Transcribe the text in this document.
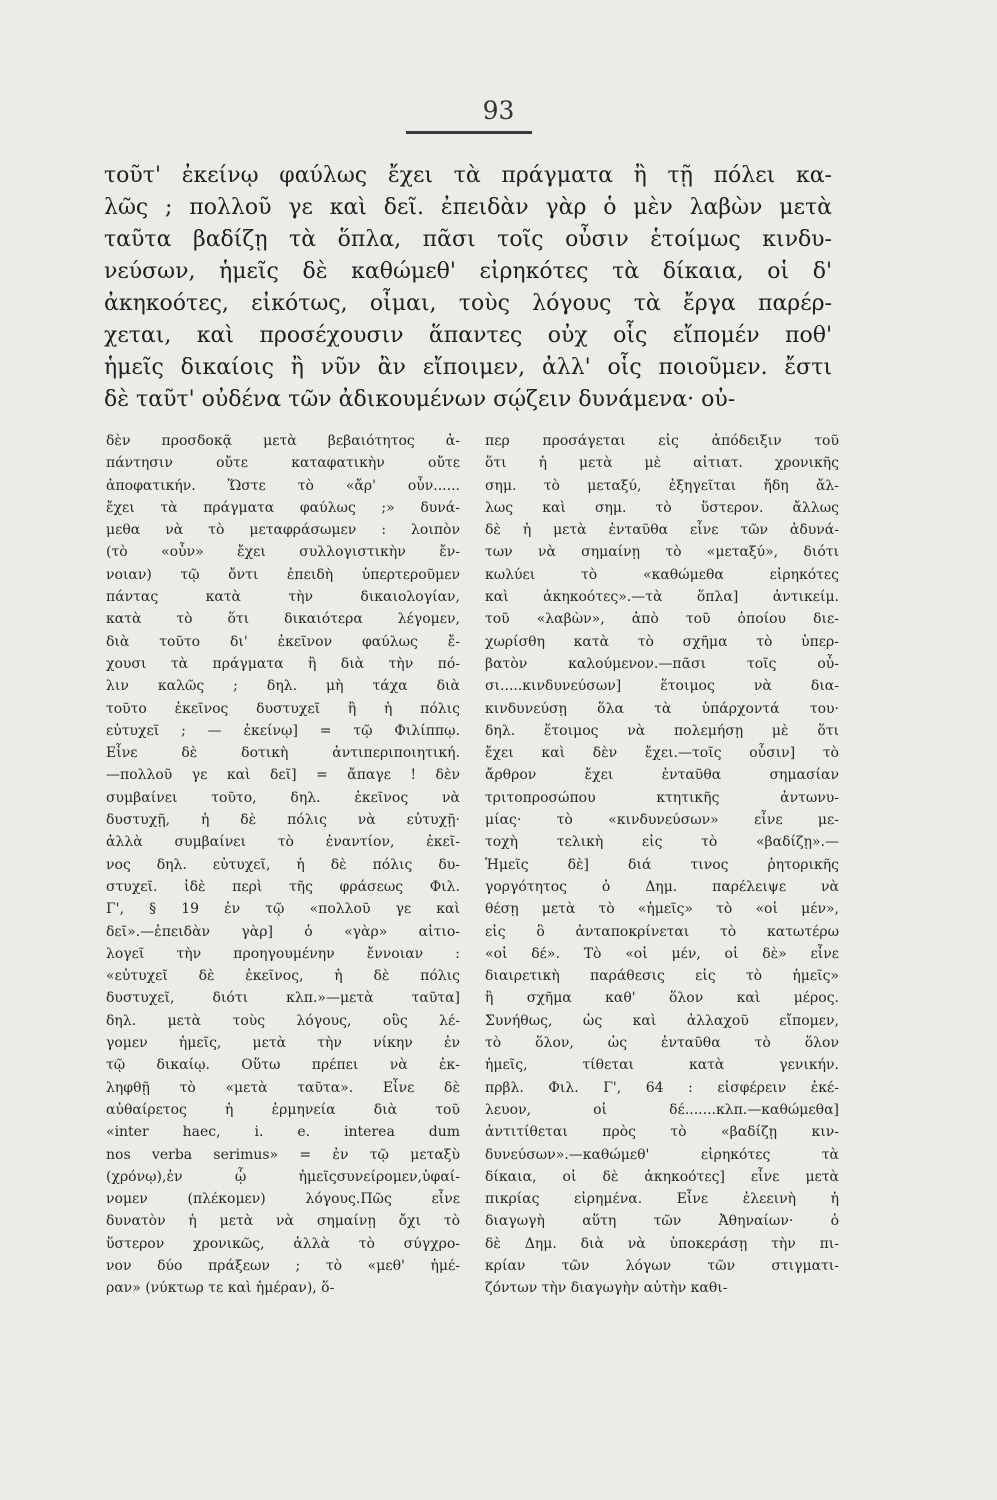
93
τοῦτ' ἐκείνῳ φαύλως ἔχει τὰ πράγματα ἢ τῇ πόλει κα-
λῶς ; πολλοῦ γε καὶ δεῖ. ἐπειδὰν γὰρ ὁ μὲν λαβὼν μετὰ
ταῦτα βαδίζῃ τὰ ὅπλα, πᾶσι τοῖς οὖσιν ἑτοίμως κινδυ-
νεύσων, ἡμεῖς δὲ καθώμεθ' εἰρηκότες τὰ δίκαια, οἱ δ'
ἀκηκοότες, εἰκότως, οἶμαι, τοὺς λόγους τὰ ἔργα παρέρ-
χεται, καὶ προσέχουσιν ἅπαντες οὐχ οἷς εἴπομέν ποθ'
ἡμεῖς δικαίοις ἢ νῦν ἂν εἴποιμεν, ἀλλ' οἷς ποιοῦμεν. ἔστι
δὲ ταῦτ' οὐδένα τῶν ἀδικουμένων σῴζειν δυνάμενα· οὐ-
δὲν προσδοκᾷ μετὰ βεβαιότητος ἀ-
πάντησιν οὔτε καταφατικὴν οὔτε
ἀποφατικήν. Ὥστε τὸ «ἄρ' οὖν......
ἔχει τὰ πράγματα φαύλως ;» δυνά-
μεθα νὰ τὸ μεταφράσωμεν : λοιπὸν
(τὸ «οὖν» ἔχει συλλογιστικὴν ἔν-
νοιαν) τῷ ὄντι ἐπειδὴ ὑπερτεροῦμεν
πάντας κατὰ τὴν δικαιολογίαν,
κατὰ τὸ ὅτι δικαιότερα λέγομεν,
διὰ τοῦτο δι' ἐκεῖνον φαύλως ἔ-
χουσι τὰ πράγματα ἢ διὰ τὴν πό-
λιν καλῶς ; δηλ. μὴ τάχα διὰ
τοῦτο ἐκεῖνος δυστυχεῖ ἢ ἡ πόλις
εὐτυχεῖ ; — ἐκείνῳ] = τῷ Φιλίππῳ.
Εἶνε δὲ δοτικὴ ἀντιπεριποιητική.
—πολλοῦ γε καὶ δεῖ] = ἄπαγε ! δὲν
συμβαίνει τοῦτο, δηλ. ἐκεῖνος νὰ
δυστυχῇ, ἡ δὲ πόλις νὰ εὐτυχῇ·
ἀλλὰ συμβαίνει τὸ ἐναντίον, ἐκεῖ-
νος δηλ. εὐτυχεῖ, ἡ δὲ πόλις δυ-
στυχεῖ. ἰδὲ περὶ τῆς φράσεως Φιλ.
Γ', § 19 ἐν τῷ «πολλοῦ γε καὶ
δεῖ».—ἐπειδὰν γὰρ] ὁ «γὰρ» αἰτιο-
λογεῖ τὴν προηγουμένην ἔννοιαν :
«εὐτυχεῖ δὲ ἐκεῖνος, ἡ δὲ πόλις
δυστυχεῖ, διότι κλπ.»—μετὰ ταῦτα]
δηλ. μετὰ τοὺς λόγους, οὓς λέ-
γομεν ἡμεῖς, μετὰ τὴν νίκην ἐν
τῷ δικαίῳ. Οὕτω πρέπει νὰ ἐκ-
ληφθῇ τὸ «μετὰ ταῦτα». Εἶνε δὲ
αὐθαίρετος ἡ ἑρμηνεία διὰ τοῦ
«inter haec, i. e. interea dum
nos verba serimus» = ἐν τῷ μεταξὺ
(χρόνῳ),ἐν ᾧ ἡμεῖςσυνείρομεν,ὑφαί-
νομεν (πλέκομεν) λόγους.Πῶς εἶνε
δυνατὸν ἡ μετὰ νὰ σημαίνῃ ὄχι τὸ
ὕστερον χρονικῶς, ἀλλὰ τὸ σύγχρο-
νον δύο πράξεων ; τὸ «μεθ' ἡμέ-
ραν» (νύκτωρ τε καὶ ἡμέραν), ὅ-
περ προσάγεται εἰς ἀπόδειξιν τοῦ
ὅτι ἡ μετὰ μὲ αἰτιατ. χρονικῆς
σημ. τὸ μεταξύ, ἐξηγεῖται ἤδη ἄλ-
λως καὶ σημ. τὸ ὕστερον. ἄλλως
δὲ ἡ μετὰ ἐνταῦθα εἶνε τῶν ἀδυνά-
των νὰ σημαίνῃ τὸ «μεταξύ», διότι
κωλύει τὸ «καθώμεθα εἰρηκότες
καὶ ἀκηκοότες».—τὰ ὅπλα] ἀντικείμ.
τοῦ «λαβὼν», ἀπὸ τοῦ ὁποίου διε-
χωρίσθη κατὰ τὸ σχῆμα τὸ ὑπερ-
βατὸν καλούμενον.—πᾶσι τοῖς οὖ-
σι.....κινδυνεύσων] ἕτοιμος νὰ δια-
κινδυνεύσῃ ὅλα τὰ ὑπάρχοντά του·
δηλ. ἕτοιμος νὰ πολεμήσῃ μὲ ὅτι
ἔχει καὶ δὲν ἔχει.—τοῖς οὖσιν] τὸ
ἄρθρον ἔχει ἐνταῦθα σημασίαν
τριτοπροσώπου κτητικῆς ἀντωνυ-
μίας· τὸ «κινδυνεύσων» εἶνε με-
τοχὴ τελικὴ εἰς τὸ «βαδίζῃ».—
Ἡμεῖς δὲ] διά τινος ῥητορικῆς
γοργότητος ὁ Δημ. παρέλειψε νὰ
θέσῃ μετὰ τὸ «ἡμεῖς» τὸ «οἱ μέν»,
εἰς ὃ ἀνταποκρίνεται τὸ κατωτέρω
«οἱ δέ». Τὸ «οἱ μέν, οἱ δὲ» εἶνε
διαιρετικὴ παράθεσις εἰς τὸ ἡμεῖς»
ἢ σχῆμα καθ' ὅλον καὶ μέρος.
Συνήθως, ὡς καὶ ἀλλαχοῦ εἴπομεν,
τὸ ὅλον, ὡς ἐνταῦθα τὸ ὅλον
ἡμεῖς, τίθεται κατὰ γενικήν.
πρβλ. Φιλ. Γ', 64 : εἰσφέρειν ἐκέ-
λευον, οἱ δέ.......κλπ.—καθώμεθα]
ἀντιτίθεται πρὸς τὸ «βαδίζῃ κιν-
δυνεύσων».—καθώμεθ' εἰρηκότες τὰ
δίκαια, οἱ δὲ ἀκηκοότες] εἶνε μετὰ
πικρίας εἰρημένα. Εἶνε ἐλεεινὴ ἡ
διαγωγὴ αὕτη τῶν Ἀθηναίων· ὁ
δὲ Δημ. διὰ νὰ ὑποκεράσῃ τὴν πι-
κρίαν τῶν λόγων τῶν στιγματι-
ζόντων τὴν διαγωγὴν αὐτὴν καθι-
